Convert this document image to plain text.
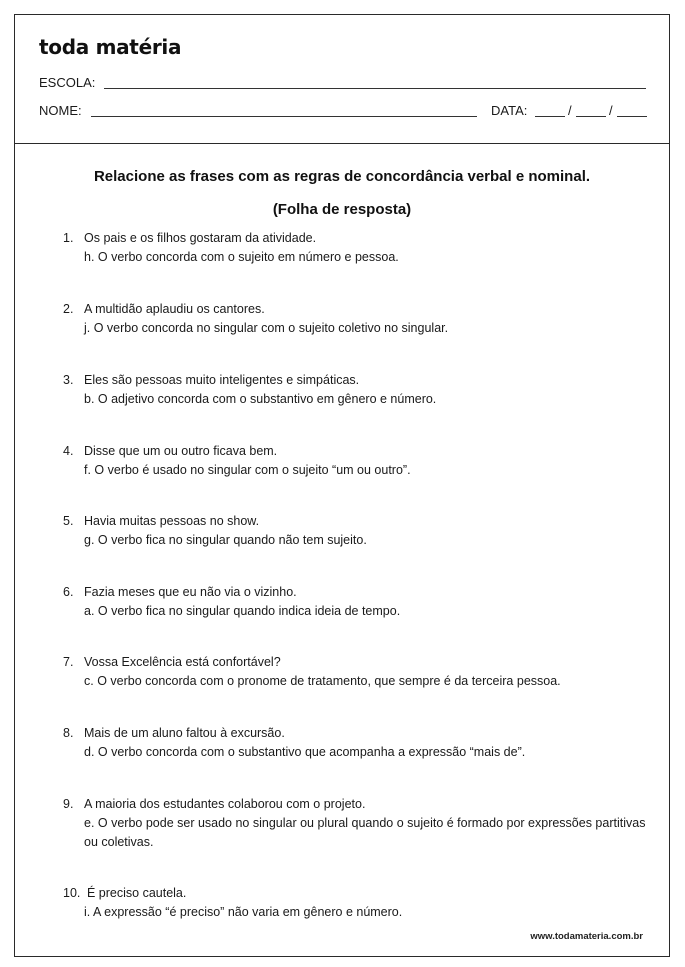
toda matéria
ESCOLA:
NOME:	DATA:	/	/
Relacione as frases com as regras de concordância verbal e nominal.
(Folha de resposta)
1. Os pais e os filhos gostaram da atividade.
h. O verbo concorda com o sujeito em número e pessoa.
2. A multidão aplaudiu os cantores.
j. O verbo concorda no singular com o sujeito coletivo no singular.
3. Eles são pessoas muito inteligentes e simpáticas.
b. O adjetivo concorda com o substantivo em gênero e número.
4. Disse que um ou outro ficava bem.
f. O verbo é usado no singular com o sujeito “um ou outro”.
5. Havia muitas pessoas no show.
g. O verbo fica no singular quando não tem sujeito.
6. Fazia meses que eu não via o vizinho.
a. O verbo fica no singular quando indica ideia de tempo.
7. Vossa Excelência está confortável?
c. O verbo concorda com o pronome de tratamento, que sempre é da terceira pessoa.
8. Mais de um aluno faltou à excursão.
d. O verbo concorda com o substantivo que acompanha a expressão “mais de”.
9. A maioria dos estudantes colaborou com o projeto.
e. O verbo pode ser usado no singular ou plural quando o sujeito é formado por expressões partitivas ou coletivas.
10. É preciso cautela.
i. A expressão “é preciso” não varia em gênero e número.
www.todamateria.com.br
